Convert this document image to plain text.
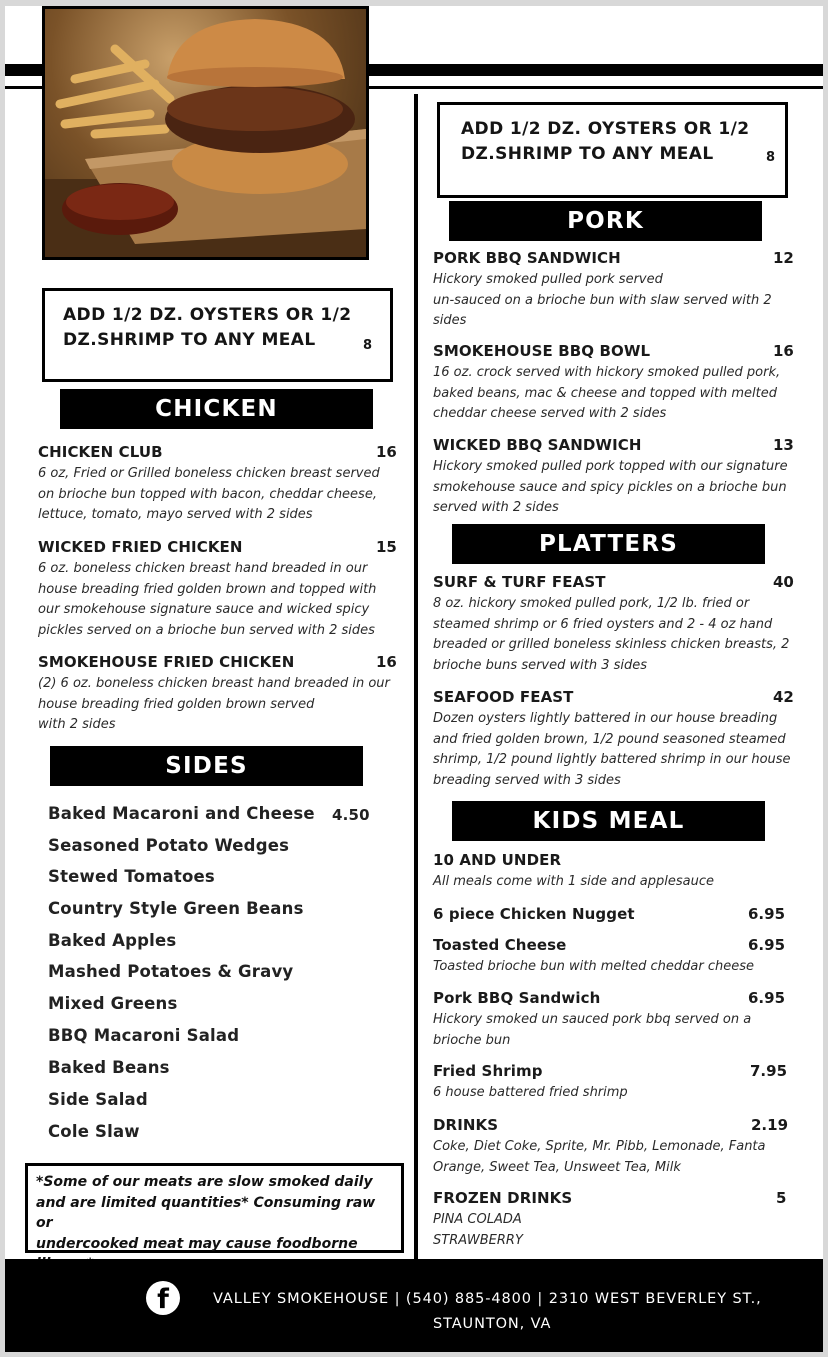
ADD 1/2 DZ. OYSTERS OR 1/2
DZ.SHRIMP TO ANY MEAL	8
ADD 1/2 DZ. OYSTERS OR 1/2
DZ.SHRIMP TO ANY MEAL	8
CHICKEN
SIDES
PORK
PLATTERS
KIDS MEAL
CHICKEN CLUB	16
6 oz, Fried or Grilled boneless chicken breast served
on brioche bun topped with bacon, cheddar cheese,
lettuce, tomato, mayo served with 2 sides
WICKED FRIED CHICKEN	15
6 oz. boneless chicken breast hand breaded in our
house breading fried golden brown and topped with
our smokehouse signature sauce and wicked spicy
pickles served on a brioche bun served with 2 sides
SMOKEHOUSE FRIED CHICKEN	16
(2) 6 oz. boneless chicken breast hand breaded in our
house breading fried golden brown served
with 2 sides
Baked Macaroni and Cheese 4.50
Seasoned Potato Wedges
Stewed Tomatoes
Country Style Green Beans
Baked Apples
Mashed Potatoes & Gravy
Mixed Greens
BBQ Macaroni Salad
Baked Beans
Side Salad
Cole Slaw
*Some of our meats are slow smoked daily
and are limited quantities* Consuming raw or
undercooked meat may cause foodborne
PORK BBQ SANDWICH	12
Hickory smoked pulled pork served
un-sauced on a brioche bun with slaw served with 2
sides
SMOKEHOUSE BBQ BOWL	16
16 oz. crock served with hickory smoked pulled pork,
baked beans, mac & cheese and topped with melted
cheddar cheese served with 2 sides
WICKED BBQ SANDWICH	13
Hickory smoked pulled pork topped with our signature
smokehouse sauce and spicy pickles on a brioche bun
served with 2 sides
SURF & TURF FEAST	40
8 oz. hickory smoked pulled pork, 1/2 lb. fried or
steamed shrimp or 6 fried oysters and 2 - 4 oz hand
breaded or grilled boneless skinless chicken breasts, 2
brioche buns served with 3 sides
SEAFOOD FEAST	42
Dozen oysters lightly battered in our house breading
and fried golden brown, 1/2 pound seasoned steamed
shrimp, 1/2 pound lightly battered shrimp in our house
breading served with 3 sides
10 AND UNDER
All meals come with 1 side and applesauce
6 piece Chicken Nugget	6.95
Toasted Cheese	6.95
Toasted brioche bun with melted cheddar cheese
Pork BBQ Sandwich	6.95
Hickory smoked un sauced pork bbq served on a
brioche bun
Fried Shrimp	7.95
6 house battered fried shrimp
DRINKS	2.19
Coke, Diet Coke, Sprite, Mr. Pibb, Lemonade, Fanta
Orange, Sweet Tea, Unsweet Tea, Milk
FROZEN DRINKS	5
PINA COLADA
STRAWBERRY
f	VALLEY SMOKEHOUSE | (540) 885-4800 | 2310 WEST BEVERLEY ST.,
STAUNTON, VA
